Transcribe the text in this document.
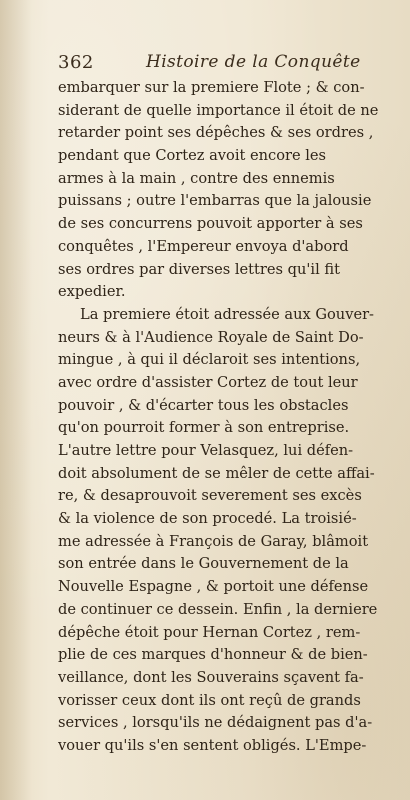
362	Histoire de la Conquête
embarquer sur la premiere Flote ; & con-
siderant de quelle importance il étoit de ne
retarder point ses dépêches & ses ordres ,
pendant que Cortez avoit encore les
armes à la main , contre des ennemis
puissans ; outre l'embarras que la jalousie
de ses concurrens pouvoit apporter à ses
conquêtes , l'Empereur envoya d'abord
ses ordres par diverses lettres qu'il fit
expedier.
La premiere étoit adressée aux Gouver-
neurs & à l'Audience Royale de Saint Do-
mingue , à qui il déclaroit ses intentions,
avec ordre d'assister Cortez de tout leur
pouvoir , & d'écarter tous les obstacles
qu'on pourroit former à son entreprise.
L'autre lettre pour Velasquez, lui défen-
doit absolument de se mêler de cette affai-
re, & desaprouvoit severement ses excès
& la violence de son procedé. La troisié-
me adressée à François de Garay, blâmoit
son entrée dans le Gouvernement de la
Nouvelle Espagne , & portoit une défense
de continuer ce dessein. Enfin , la derniere
dépêche étoit pour Hernan Cortez , rem-
plie de ces marques d'honneur & de bien-
veillance, dont les Souverains sçavent fa-
vorisser ceux dont ils ont reçû de grands
services , lorsqu'ils ne dédaignent pas d'a-
vouer qu'ils s'en sentent obligés. L'Empe-
